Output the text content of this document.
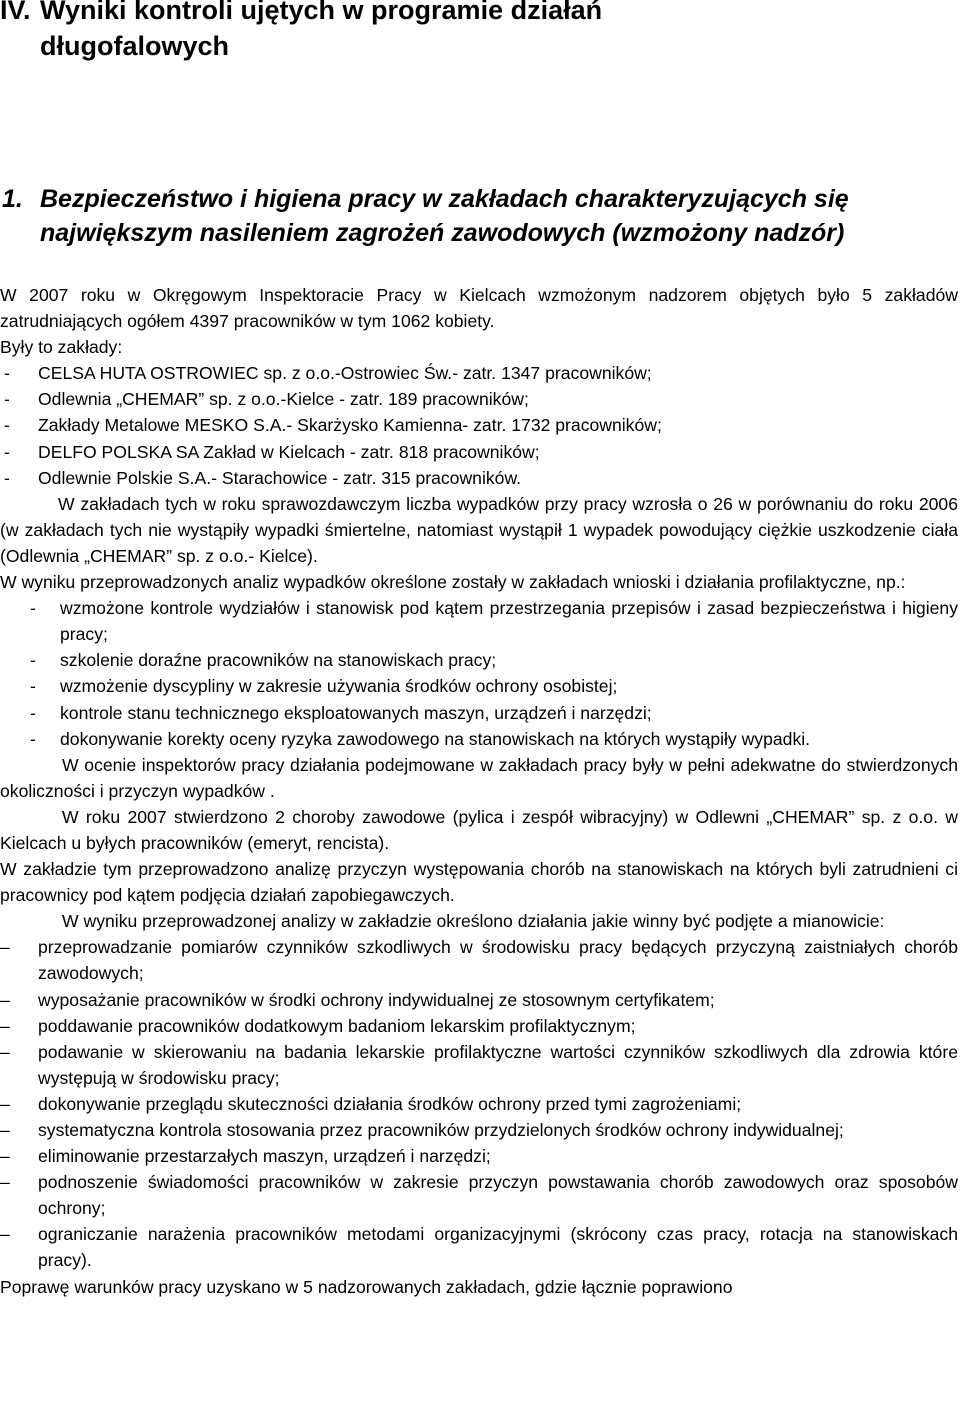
IV. Wyniki kontroli ujętych w programie działań
długofalowych
1. Bezpieczeństwo i higiena pracy w zakładach charakteryzujących się
największym nasileniem zagrożeń zawodowych (wzmożony nadzór)

W 2007 roku w Okręgowym Inspektoracie Pracy w Kielcach wzmożonym nadzorem objętych było 5 zakładów zatrudniających ogółem 4397 pracowników w tym 1062 kobiety.

Były to zakłady:

- CELSA HUTA OSTROWIEC sp. z o.o.-Ostrowiec Św.- zatr. 1347 pracowników;
- Odlewnia „CHEMAR” sp. z o.o.-Kielce - zatr. 189 pracowników;
- Zakłady Metalowe MESKO S.A.- Skarżysko Kamienna- zatr. 1732 pracowników;
- DELFO POLSKA SA Zakład w Kielcach - zatr. 818 pracowników;
- Odlewnie Polskie S.A.- Starachowice - zatr. 315 pracowników.

W zakładach tych w roku sprawozdawczym liczba wypadków przy pracy wzrosła o 26 w porównaniu do roku 2006 (w zakładach tych nie wystąpiły wypadki śmiertelne, natomiast wystąpił 1 wypadek powodujący ciężkie uszkodzenie ciała (Odlewnia „CHEMAR” sp. z o.o.- Kielce).

W wyniku przeprowadzonych analiz wypadków określone zostały w zakładach wnioski i działania profilaktyczne, np.:

- wzmożone kontrole wydziałów i stanowisk pod kątem przestrzegania przepisów i zasad bezpieczeństwa i higieny pracy;
- szkolenie doraźne pracowników na stanowiskach pracy;
- wzmożenie dyscypliny w zakresie używania środków ochrony osobistej;
- kontrole stanu technicznego eksploatowanych maszyn, urządzeń i narzędzi;
- dokonywanie korekty oceny ryzyka zawodowego na stanowiskach na których wystąpiły wypadki.

W ocenie inspektorów pracy działania podejmowane w zakładach pracy były w pełni adekwatne do stwierdzonych okoliczności i przyczyn wypadków .

W roku 2007 stwierdzono 2 choroby zawodowe (pylica i zespół wibracyjny) w Odlewni „CHEMAR” sp. z o.o. w Kielcach u byłych pracowników (emeryt, rencista).

W zakładzie tym przeprowadzono analizę przyczyn występowania chorób na stanowiskach na których byli zatrudnieni ci pracownicy pod kątem podjęcia działań zapobiegawczych.

W wyniku przeprowadzonej analizy w zakładzie określono działania jakie winny być podjęte a mianowicie:

– przeprowadzanie pomiarów czynników szkodliwych w środowisku pracy będących przyczyną zaistniałych chorób zawodowych;
– wyposażanie pracowników w środki ochrony indywidualnej ze stosownym certyfikatem;
– poddawanie pracowników dodatkowym badaniom lekarskim profilaktycznym;
– podawanie w skierowaniu na badania lekarskie profilaktyczne wartości czynników szkodliwych dla zdrowia które występują w środowisku pracy;
– dokonywanie przeglądu skuteczności działania środków ochrony przed tymi zagrożeniami;
– systematyczna kontrola stosowania przez pracowników przydzielonych środków ochrony indywidualnej;
– eliminowanie przestarzałych maszyn, urządzeń i narzędzi;
– podnoszenie świadomości pracowników w zakresie przyczyn powstawania chorób zawodowych oraz sposobów ochrony;
– ograniczanie narażenia pracowników metodami organizacyjnymi (skrócony czas pracy, rotacja na stanowiskach pracy).

Poprawę warunków pracy uzyskano w 5 nadzorowanych zakładach, gdzie łącznie poprawiono
